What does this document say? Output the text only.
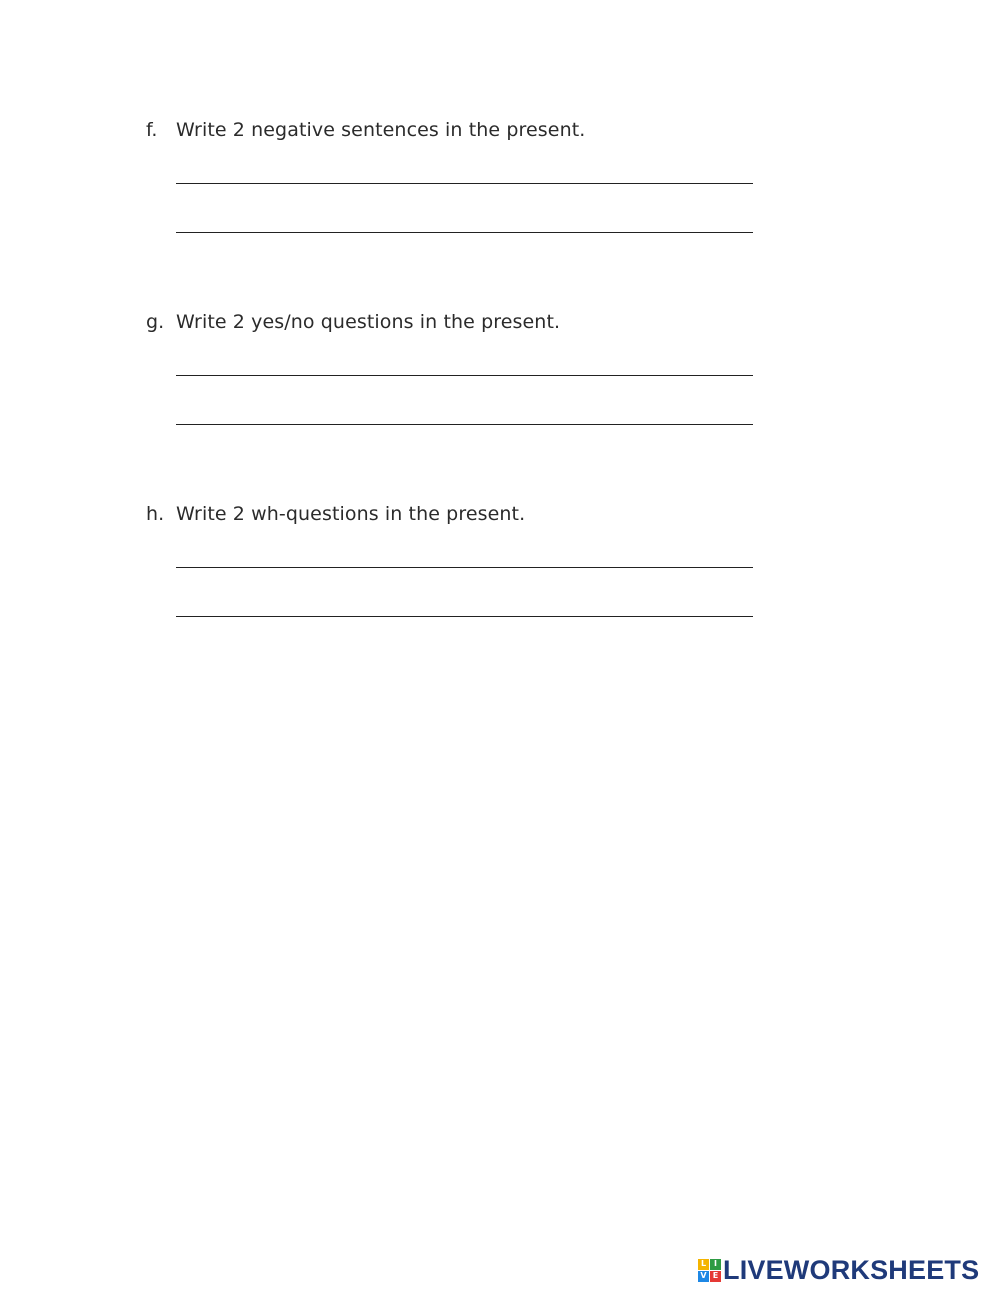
f. Write 2 negative sentences in the present.
g. Write 2 yes/no questions in the present.
h. Write 2 wh-questions in the present.
L I
V E LIVEWORKSHEETS
